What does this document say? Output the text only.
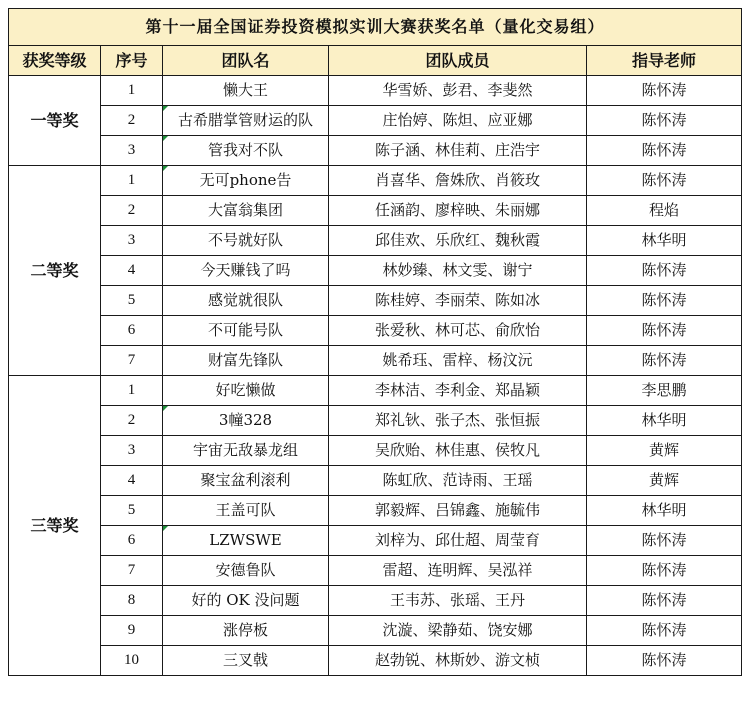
第十一届全国证券投资模拟实训大赛获奖名单（量化交易组）				
获奖等级	序号	团队名	团队成员	指导老师
一等奖	1	懒大王	华雪娇、彭君、李斐然	陈怀涛
	2	古希腊掌管财运的队	庄怡婷、陈炟、应亚娜	陈怀涛
	3	管我对不队	陈子涵、林佳莉、庄浩宇	陈怀涛
二等奖	1	无可phone告	肖喜华、詹姝欣、肖筱玫	陈怀涛
	2	大富翁集团	任涵韵、廖梓映、朱丽娜	程焰
	3	不号就好队	邱佳欢、乐欣红、魏秋霞	林华明
	4	今天赚钱了吗	林妙臻、林文雯、谢宁	陈怀涛
	5	感觉就很队	陈桂婷、李丽荣、陈如冰	陈怀涛
	6	不可能号队	张爱秋、林可芯、俞欣怡	陈怀涛
	7	财富先锋队	姚希珏、雷梓、杨汶沅	陈怀涛
三等奖	1	好吃懒做	李林洁、李利金、郑晶颖	李思鹏
	2	3幢328	郑礼钬、张子杰、张恒振	林华明
	3	宇宙无敌暴龙组	吴欣贻、林佳惠、侯牧凡	黄辉
	4	聚宝盆利滚利	陈虹欣、范诗雨、王瑶	黄辉
	5	王盖可队	郭毅辉、吕锦鑫、施毓伟	林华明
	6	LZWSWE	刘梓为、邱仕超、周莹育	陈怀涛
	7	安德鲁队	雷超、连明辉、吴泓祥	陈怀涛
	8	好的 OK 没问题	王韦苏、张瑶、王丹	陈怀涛
	9	涨停板	沈漩、梁静茹、饶安娜	陈怀涛
	10	三叉戟	赵勃锐、林斯妙、游文桢	陈怀涛
